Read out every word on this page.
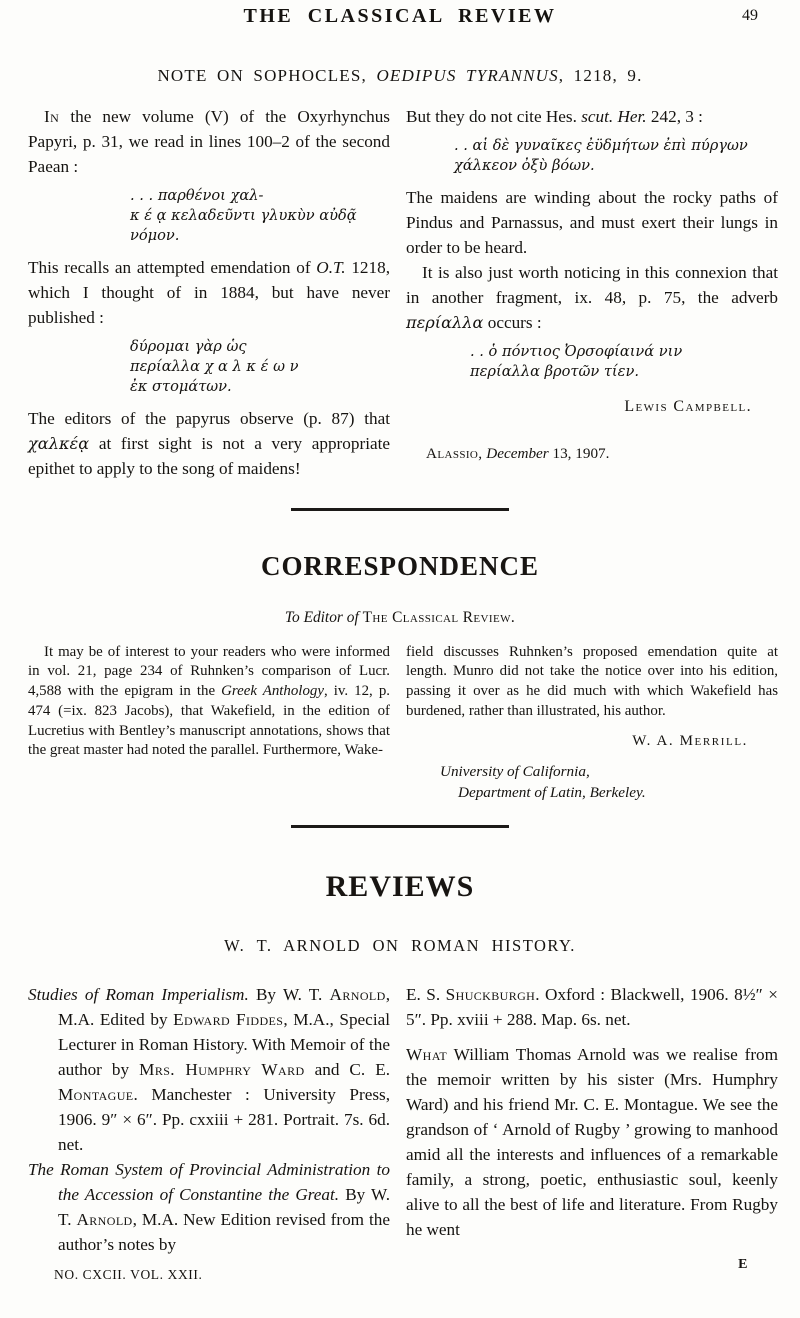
THE CLASSICAL REVIEW	49
NOTE ON SOPHOCLES, OEDIPUS TYRANNUS, 1218, 9.

In the new volume (V) of the Oxyrhynchus Papyri, p. 31, we read in lines 100–2 of the second Paean :

. . . παρθένοι χαλ-
κ έ ᾳ κελαδεῦντι γλυκὺν αὐδᾷ
νόμον.

This recalls an attempted emendation of O.T. 1218, which I thought of in 1884, but have never published :

δύρομαι γὰρ ὡς
περίαλλα χ α λ κ έ ω ν
ἐκ στομάτων.

The editors of the papyrus observe (p. 87) that χαλκέᾳ at first sight is not a very appropriate epithet to apply to the song of maidens!

But they do not cite Hes. scut. Her. 242, 3 :

. . αἱ δὲ γυναῖκες ἐϋδμήτων ἐπὶ πύργων
χάλκεον ὀξὺ βόων.

The maidens are winding about the rocky paths of Pindus and Parnassus, and must exert their lungs in order to be heard.

It is also just worth noticing in this connexion that in another fragment, ix. 48, p. 75, the adverb περίαλλα occurs :

. . ὁ πόντιος Ὀρσοφίαινά νιν
περίαλλα βροτῶν τίεν.
Lewis Campbell.
Alassio, December 13, 1907.
CORRESPONDENCE
To Editor of The Classical Review.

It may be of interest to your readers who were informed in vol. 21, page 234 of Ruhnken’s comparison of Lucr. 4,588 with the epigram in the Greek Anthology, iv. 12, p. 474 (=ix. 823 Jacobs), that Wakefield, in the edition of Lucretius with Bentley’s manuscript annotations, shows that the great master had noted the parallel. Furthermore, Wake-

field discusses Ruhnken’s proposed emendation quite at length. Munro did not take the notice over into his edition, passing it over as he did much with which Wakefield has burdened, rather than illustrated, his author.

W. A. Merrill.
University of California,
Department of Latin, Berkeley.
REVIEWS
W. T. ARNOLD ON ROMAN HISTORY.

Studies of Roman Imperialism. By W. T. Arnold, M.A. Edited by Edward Fiddes, M.A., Special Lecturer in Roman History. With Memoir of the author by Mrs. Humphry Ward and C. E. Montague. Manchester : University Press, 1906. 9″ × 6″. Pp. cxxiii + 281. Portrait. 7s. 6d. net.

The Roman System of Provincial Administration to the Accession of Constantine the Great. By W. T. Arnold, M.A. New Edition revised from the author’s notes by

NO. CXCII. VOL. XXII.

E. S. Shuckburgh. Oxford : Blackwell, 1906. 8½″ × 5″. Pp. xviii + 288. Map. 6s. net.

What William Thomas Arnold was we realise from the memoir written by his sister (Mrs. Humphry Ward) and his friend Mr. C. E. Montague. We see the grandson of ‘ Arnold of Rugby ’ growing to manhood amid all the interests and influences of a remarkable family, a strong, poetic, enthusiastic soul, keenly alive to all the best of life and literature. From Rugby he went

E
